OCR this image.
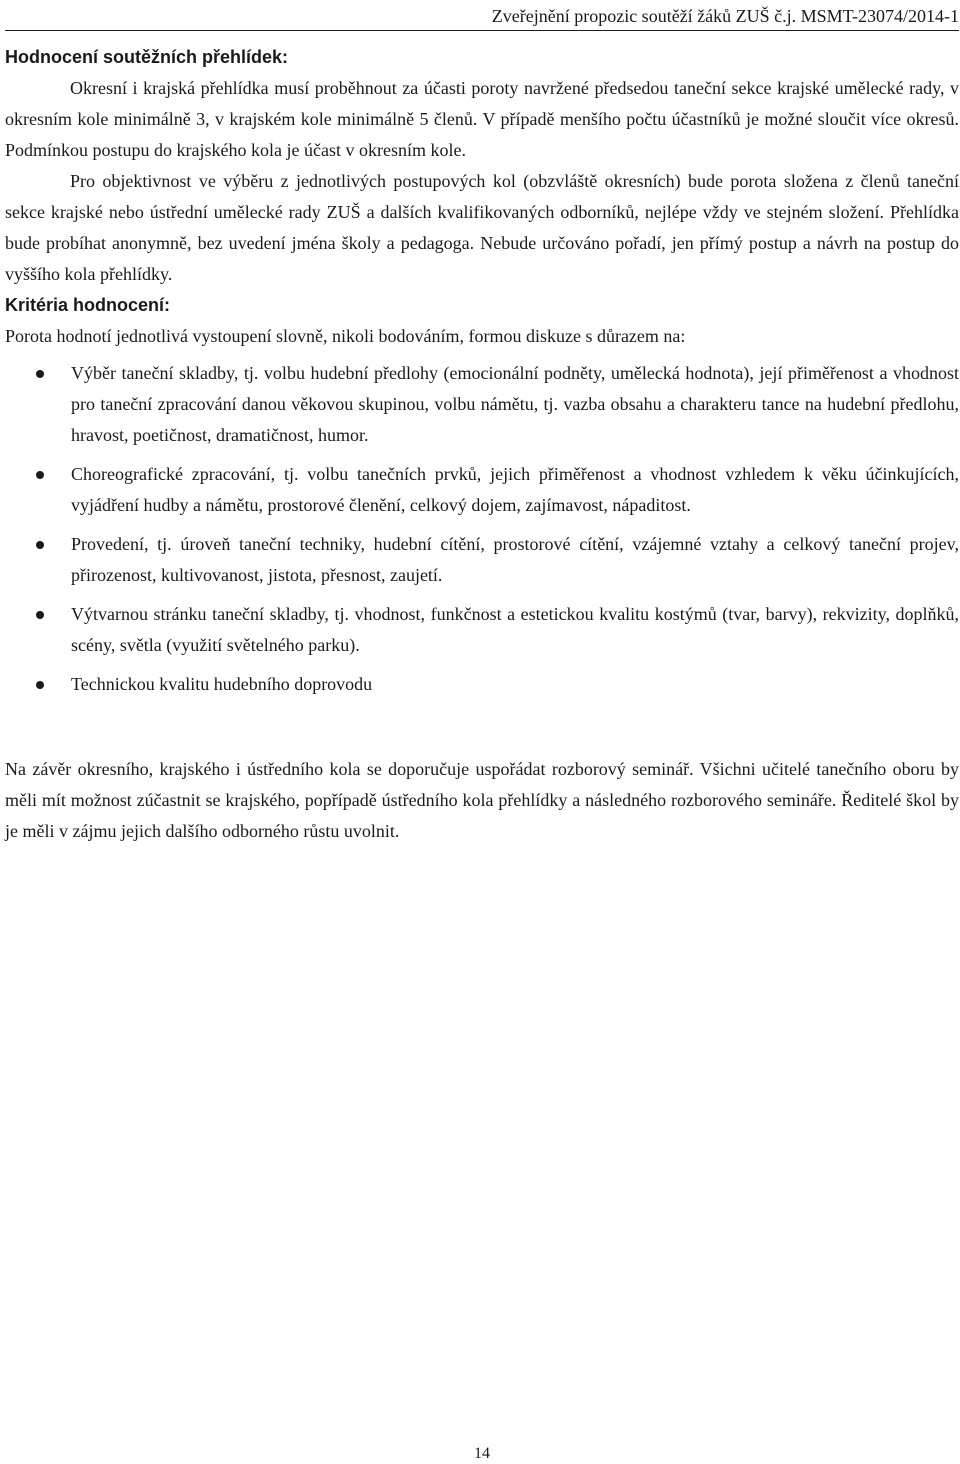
Zveřejnění propozic soutěží žáků ZUŠ č.j. MSMT-23074/2014-1
Hodnocení soutěžních přehlídek:

Okresní i krajská přehlídka musí proběhnout za účasti poroty navržené předsedou taneční sekce krajské umělecké rady, v okresním kole minimálně 3, v krajském kole minimálně 5 členů. V případě menšího počtu účastníků je možné sloučit více okresů. Podmínkou postupu do krajského kola je účast v okresním kole.

Pro objektivnost ve výběru z jednotlivých postupových kol (obzvláště okresních) bude porota složena z členů taneční sekce krajské nebo ústřední umělecké rady ZUŠ a dalších kvalifikovaných odborníků, nejlépe vždy ve stejném složení. Přehlídka bude probíhat anonymně, bez uvedení jména školy a pedagoga. Nebude určováno pořadí, jen přímý postup a návrh na postup do vyššího kola přehlídky.

Kritéria hodnocení:

Porota hodnotí jednotlivá vystoupení slovně, nikoli bodováním, formou diskuze s důrazem na:

Výběr taneční skladby, tj. volbu hudební předlohy (emocionální podněty, umělecká hodnota), její přiměřenost a vhodnost pro taneční zpracování danou věkovou skupinou, volbu námětu, tj. vazba obsahu a charakteru tance na hudební předlohu, hravost, poetičnost, dramatičnost, humor.
Choreografické zpracování, tj. volbu tanečních prvků, jejich přiměřenost a vhodnost vzhledem k věku účinkujících, vyjádření hudby a námětu, prostorové členění, celkový dojem, zajímavost, nápaditost.
Provedení, tj. úroveň taneční techniky, hudební cítění, prostorové cítění, vzájemné vztahy a celkový taneční projev, přirozenost, kultivovanost, jistota, přesnost, zaujetí.
Výtvarnou stránku taneční skladby, tj. vhodnost, funkčnost a estetickou kvalitu kostýmů (tvar, barvy), rekvizity, doplňků, scény, světla (využití světelného parku).
Technickou kvalitu hudebního doprovodu

Na závěr okresního, krajského i ústředního kola se doporučuje uspořádat rozborový seminář. Všichni učitelé tanečního oboru by měli mít možnost zúčastnit se krajského, popřípadě ústředního kola přehlídky a následného rozborového semináře. Ředitelé škol by je měli v zájmu jejich dalšího odborného růstu uvolnit.

14
